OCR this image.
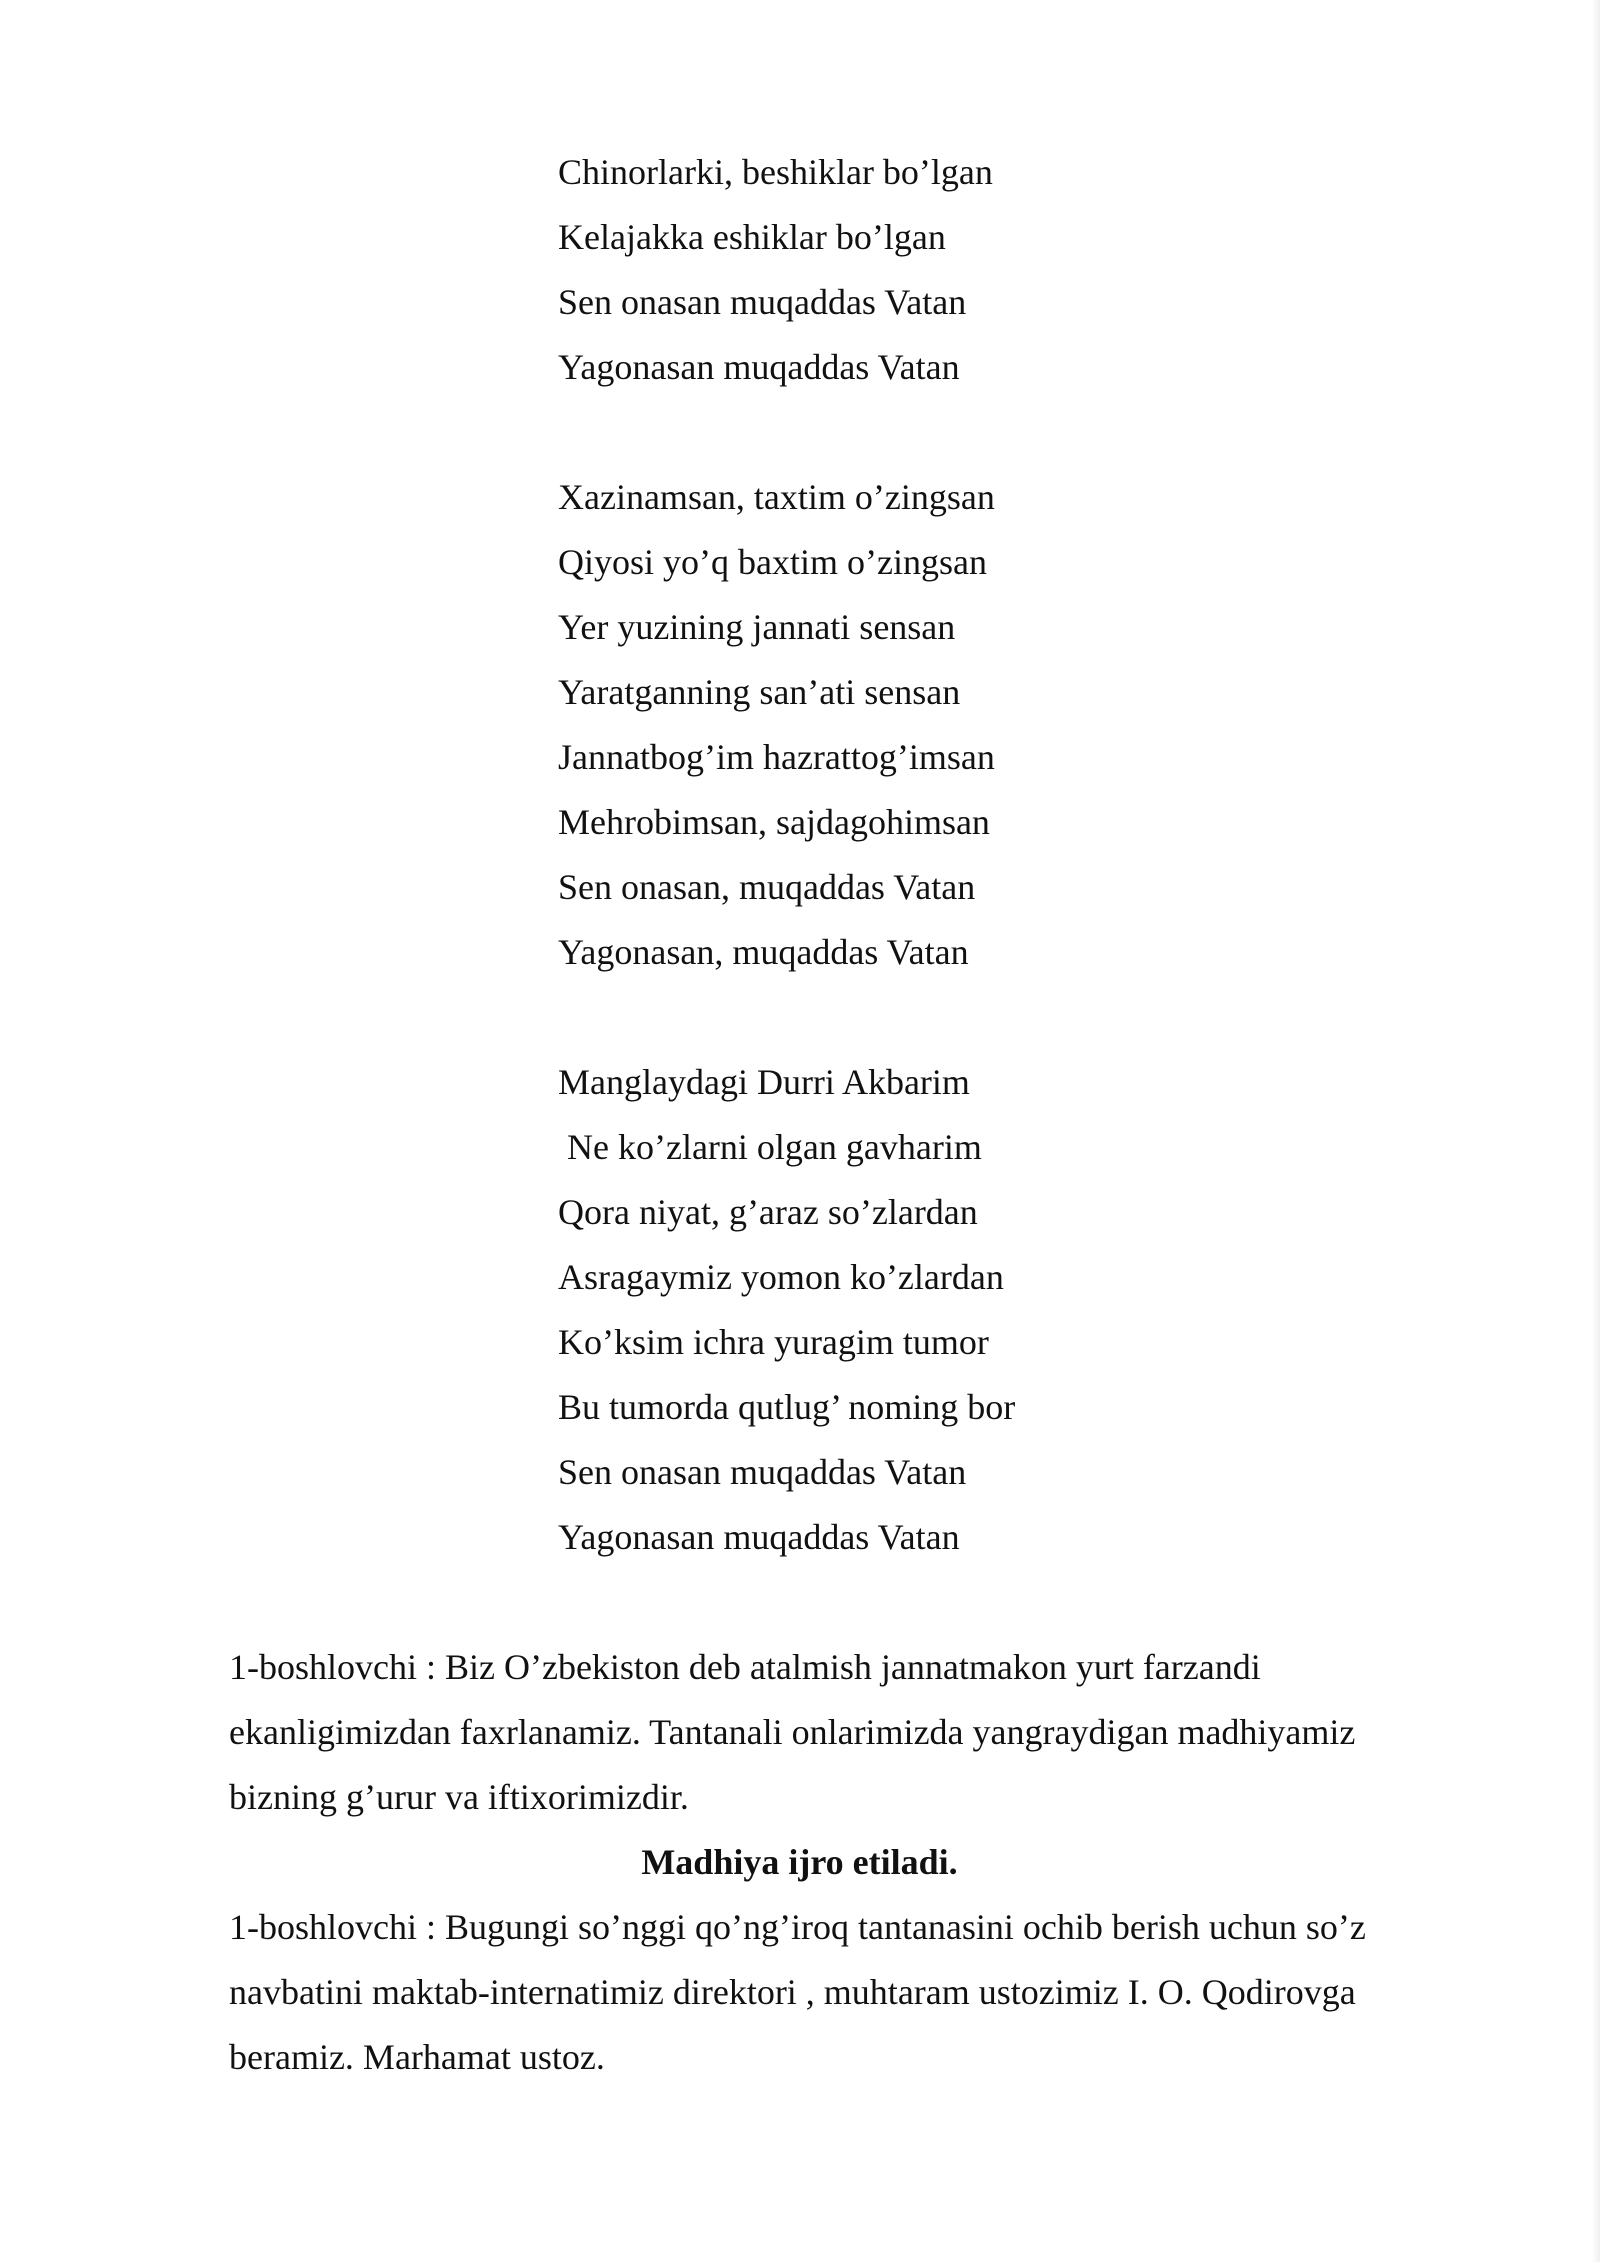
Chinorlarki, beshiklar bo’lgan
Kelajakka eshiklar bo’lgan
Sen onasan muqaddas Vatan
Yagonasan muqaddas Vatan
Xazinamsan, taxtim o’zingsan
Qiyosi yo’q baxtim o’zingsan
Yer yuzining jannati sensan
Yaratganning san’ati sensan
Jannatbog’im hazrattog’imsan
Mehrobimsan, sajdagohimsan
Sen onasan, muqaddas Vatan
Yagonasan, muqaddas Vatan
Manglaydagi Durri Akbarim
Ne ko’zlarni olgan gavharim
Qora niyat, g’araz so’zlardan
Asragaymiz yomon ko’zlardan
Ko’ksim ichra yuragim tumor
Bu tumorda qutlug’ noming bor
Sen onasan muqaddas Vatan
Yagonasan muqaddas Vatan

1-boshlovchi : Biz O’zbekiston deb atalmish jannatmakon yurt farzandi ekanligimizdan faxrlanamiz. Tantanali onlarimizda yangraydigan madhiyamiz bizning g’urur va iftixorimizdir.

Madhiya ijro etiladi.

1-boshlovchi : Bugungi so’nggi qo’ng’iroq tantanasini ochib berish uchun so’z navbatini maktab-internatimiz direktori , muhtaram ustozimiz I. O. Qodirovga beramiz. Marhamat ustoz.
